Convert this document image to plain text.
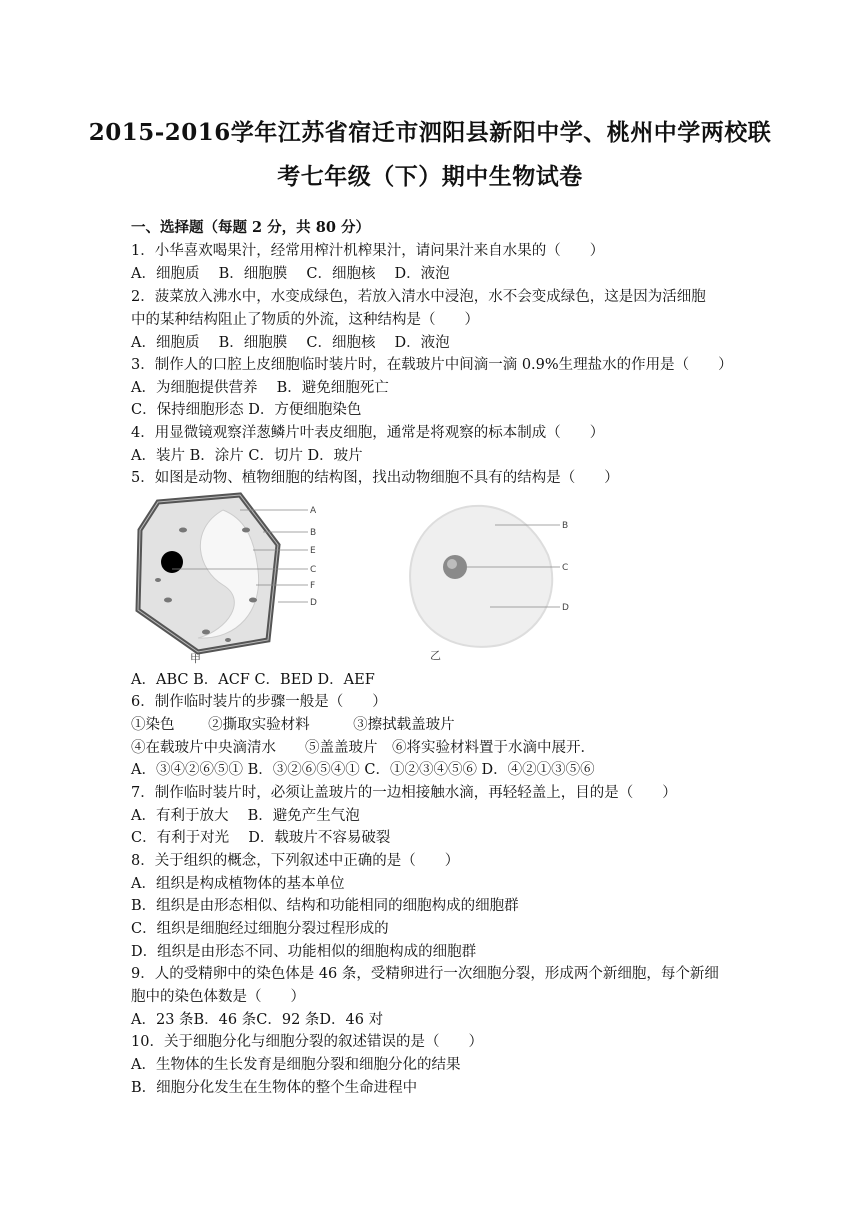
2015-2016学年江苏省宿迁市泗阳县新阳中学、桃州中学两校联
考七年级（下）期中生物试卷
一、选择题（每题 2 分，共 80 分）
1．小华喜欢喝果汁，经常用榨汁机榨果汁，请问果汁来自水果的（　　）
A．细胞质　 B．细胞膜　 C．细胞核　 D．液泡
2．菠菜放入沸水中，水变成绿色，若放入清水中浸泡，水不会变成绿色，这是因为活细胞
中的某种结构阻止了物质的外流，这种结构是（　　）
A．细胞质　 B．细胞膜　 C．细胞核　 D．液泡
3．制作人的口腔上皮细胞临时装片时，在载玻片中间滴一滴 0.9%生理盐水的作用是（　　）
A．为细胞提供营养　 B．避免细胞死亡
C．保持细胞形态 D．方便细胞染色
4．用显微镜观察洋葱鳞片叶表皮细胞，通常是将观察的标本制成（　　）
A．装片 B．涂片 C．切片 D．玻片
5．如图是动物、植物细胞的结构图，找出动物细胞不具有的结构是（　　）
A
B
E
C
F
D
甲
B
C
D
乙
A．ABC B．ACF C．BED D．AEF
6．制作临时装片的步骤一般是（　　）
①染色　　 ②撕取实验材料　　　③擦拭载盖玻片
④在载玻片中央滴清水　　⑤盖盖玻片　⑥将实验材料置于水滴中展开．
A．③④②⑥⑤① B．③②⑥⑤④① C．①②③④⑤⑥ D．④②①③⑤⑥
7．制作临时装片时，必须让盖玻片的一边相接触水滴，再轻轻盖上，目的是（　　）
A．有利于放大　 B．避免产生气泡
C．有利于对光　 D．载玻片不容易破裂
8．关于组织的概念，下列叙述中正确的是（　　）
A．组织是构成植物体的基本单位
B．组织是由形态相似、结构和功能相同的细胞构成的细胞群
C．组织是细胞经过细胞分裂过程形成的
D．组织是由形态不同、功能相似的细胞构成的细胞群
9．人的受精卵中的染色体是 46 条，受精卵进行一次细胞分裂，形成两个新细胞，每个新细
胞中的染色体数是（　　）
A．23 条B．46 条C．92 条D．46 对
10．关于细胞分化与细胞分裂的叙述错误的是（　　）
A．生物体的生长发育是细胞分裂和细胞分化的结果
B．细胞分化发生在生物体的整个生命进程中
